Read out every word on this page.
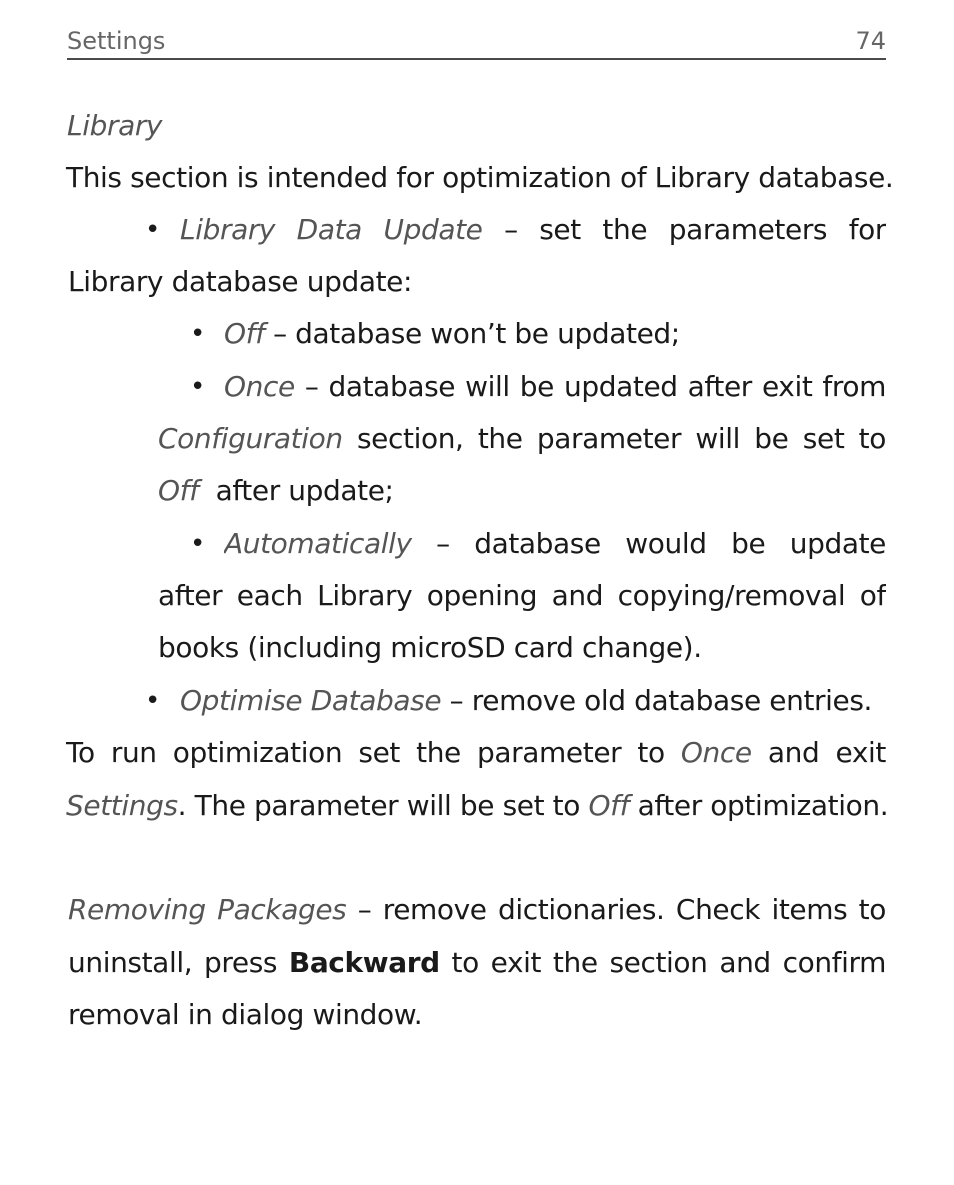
Settings	74
Library
This section is intended for optimization of Library database.
• Library Data Update – set the parameters for
Library database update:
• Off – database won’t be updated;
• Once – database will be updated after exit from
Configuration section, the parameter will be set to
Off  after update;
• Automatically – database would be update
after each Library opening and copying/removal of
books (including microSD card change).
• Optimise Database – remove old database entries.
To run optimization set the parameter to Once and exit
Settings. The parameter will be set to Off after optimization.
Removing Packages – remove dictionaries. Check items to
uninstall, press Backward to exit the section and confirm
removal in dialog window.
